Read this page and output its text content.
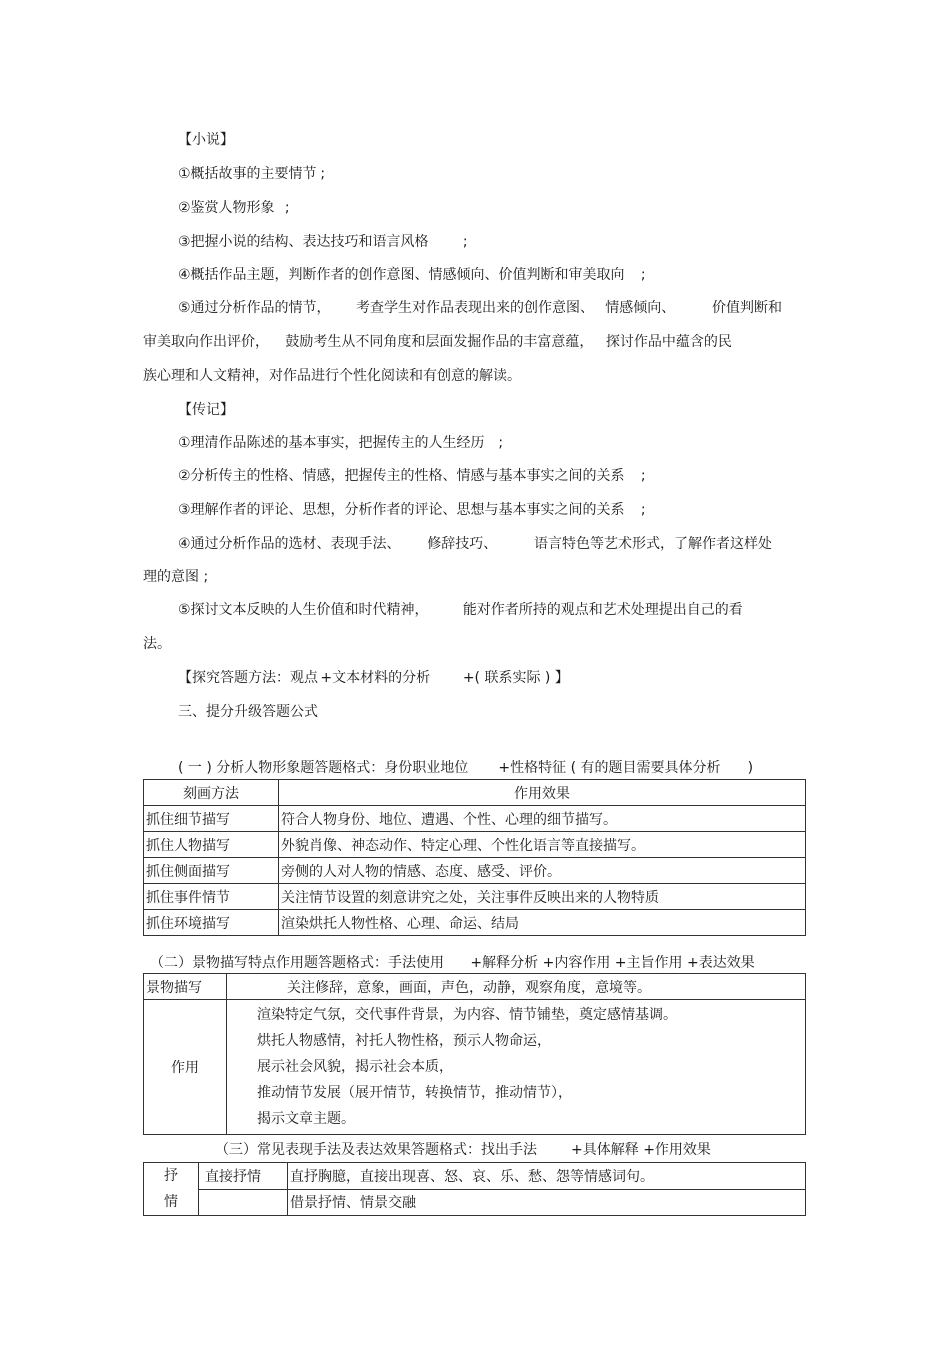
【小说】
①概括故事的主要情节	;
②鉴赏人物形象	;
③把握小说的结构、表达技巧和语言风格	;
④概括作品主题，判断作者的创作意图、情感倾向、价值判断和审美取向	;
⑤通过分析作品的情节，	考查学生对作品表现出来的创作意图、	情感倾向、	价值判断和
审美取向作出评价，	鼓励考生从不同角度和层面发掘作品的丰富意蕴，	探讨作品中蕴含的民
族心理和人文精神，对作品进行个性化阅读和有创意的解读。
【传记】
①理清作品陈述的基本事实，把握传主的人生经历	;
②分析传主的性格、情感，把握传主的性格、情感与基本事实之间的关系	;
③理解作者的评论、思想，分析作者的评论、思想与基本事实之间的关系	;
④通过分析作品的选材、表现手法、	修辞技巧、	语言特色等艺术形式，了解作者这样处
理的意图 ;
⑤探讨文本反映的人生价值和时代精神，	能对作者所持的观点和艺术处理提出自己的看
法。
【探究答题方法：观点	+文本材料的分析	+( 联系实际 ) 】
三、提分升级答题公式
( 一 ) 分析人物形象题答题格式：身份职业地位	+性格特征 ( 有的题目需要具体分析	)
刻画方法	作用效果
抓住细节描写	符合人物身份、地位、遭遇、个性、心理的细节描写。
抓住人物描写	外貌肖像、神态动作、特定心理、个性化语言等直接描写。
抓住侧面描写	旁侧的人对人物的情感、态度、感受、评价。
抓住事件情节	关注情节设置的刻意讲究之处，关注事件反映出来的人物特质
抓住环境描写	渲染烘托人物性格、心理、命运、结局
（二）景物描写特点作用题答题格式：手法使用	+解释分析 +内容作用 +主旨作用 +表达效果
景物描写	关注修辞，意象，画面，声色，动静，观察角度，意境等。
作用	渲染特定气氛，交代事件背景，为内容、情节铺垫，奠定感情基调。
烘托人物感情，衬托人物性格，预示人物命运，
展示社会风貌，揭示社会本质，
推动情节发展（展开情节，转换情节，推动情节），
揭示文章主题。
（三）常见表现手法及表达效果答题格式：找出手法	+具体解释 +作用效果
抒
情	直接抒情	直抒胸臆，直接出现喜、怒、哀、乐、愁、怨等情感词句。
		借景抒情、情景交融
